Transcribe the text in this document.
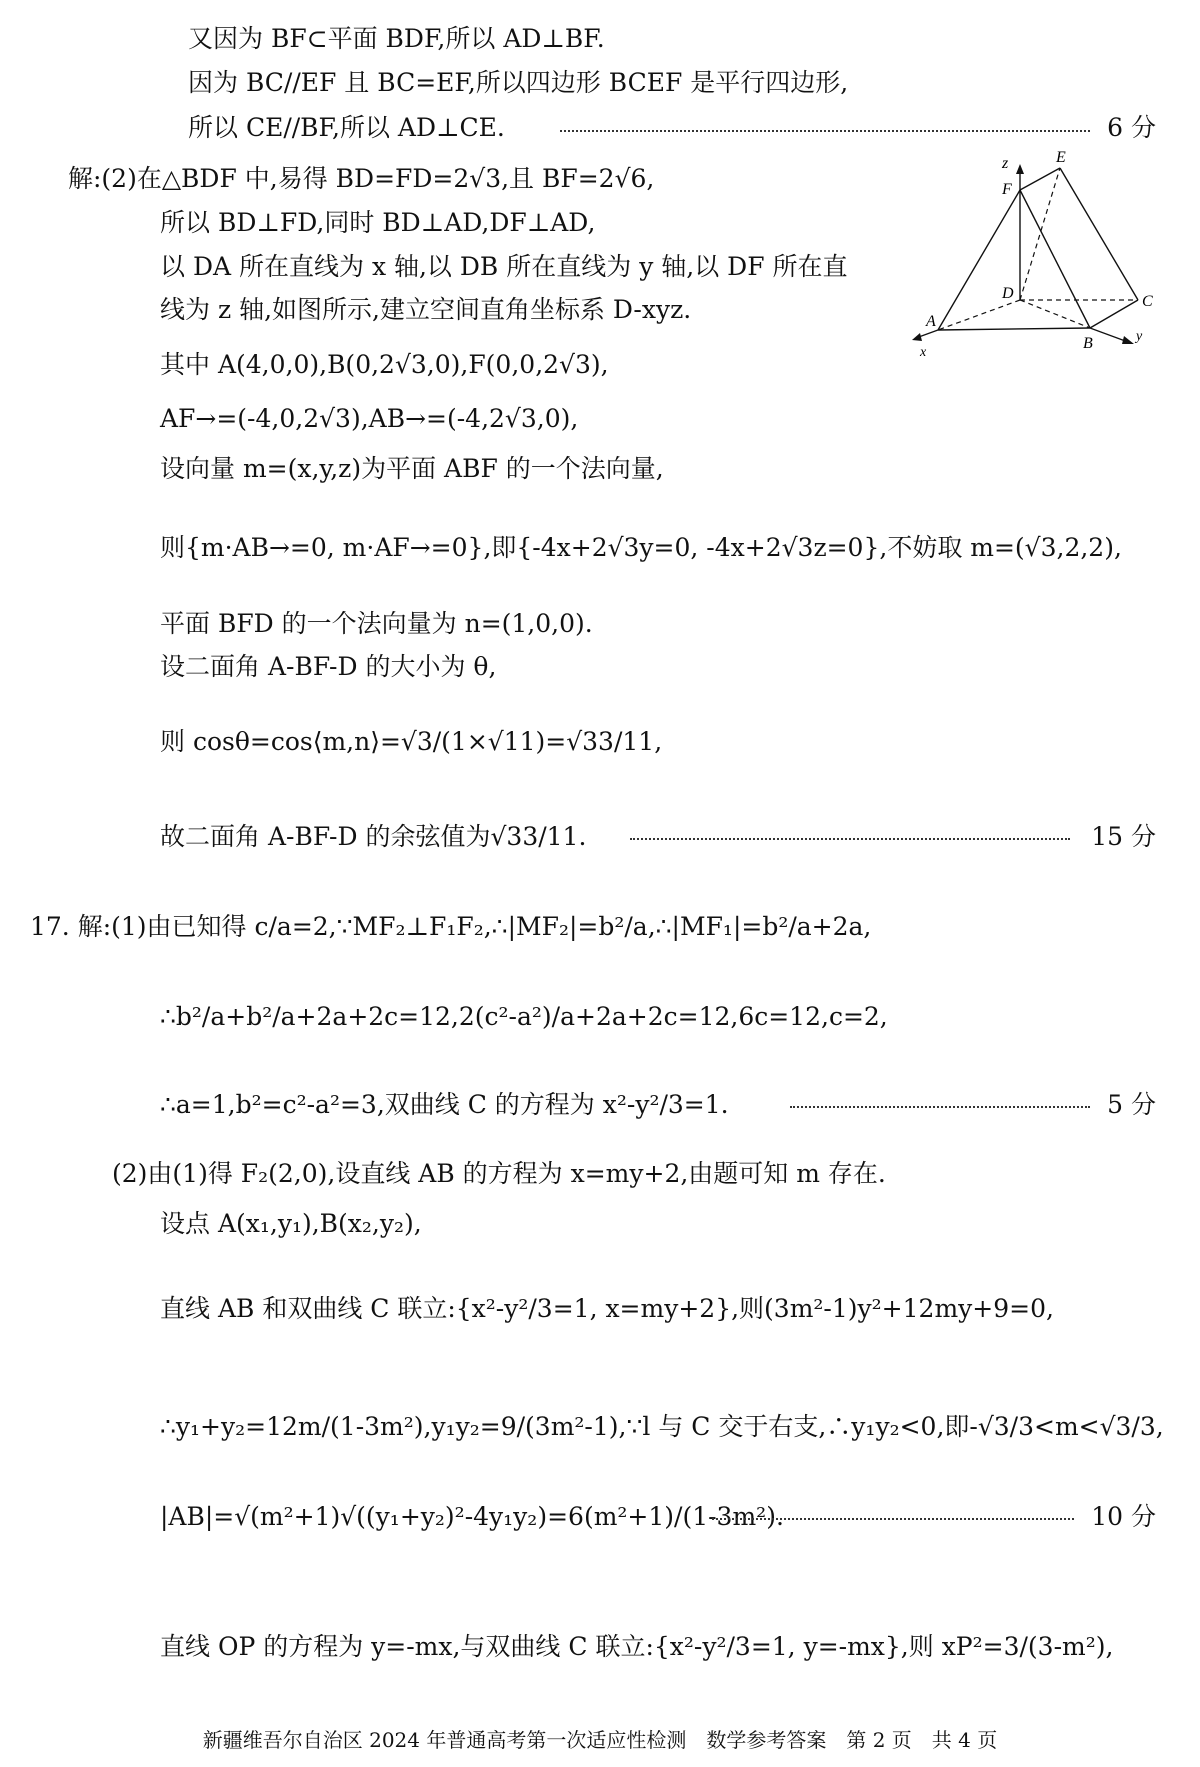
又因为 BF⊂平面 BDF,所以 AD⊥BF.
因为 BC//EF 且 BC=EF,所以四边形 BCEF 是平行四边形,
所以 CE//BF,所以 AD⊥CE.	6 分
解:(2)在△BDF 中,易得 BD=FD=2√3,且 BF=2√6,
所以 BD⊥FD,同时 BD⊥AD,DF⊥AD,
以 DA 所在直线为 x 轴,以 DB 所在直线为 y 轴,以 DF 所在直
线为 z 轴,如图所示,建立空间直角坐标系 D-xyz.
其中 A(4,0,0),B(0,2√3,0),F(0,0,2√3),
AF→=(-4,0,2√3),AB→=(-4,2√3,0),
设向量 m=(x,y,z)为平面 ABF 的一个法向量,
则{m·AB→=0, m·AF→=0},即{-4x+2√3y=0, -4x+2√3z=0},不妨取 m=(√3,2,2),
平面 BFD 的一个法向量为 n=(1,0,0).
设二面角 A-BF-D 的大小为 θ,
则 cosθ=cos⟨m,n⟩=√3/(1×√11)=√33/11,
故二面角 A-BF-D 的余弦值为√33/11.	15 分
17. 解:(1)由已知得 c/a=2,∵MF₂⊥F₁F₂,∴|MF₂|=b²/a,∴|MF₁|=b²/a+2a,
∴b²/a+b²/a+2a+2c=12,2(c²-a²)/a+2a+2c=12,6c=12,c=2,
∴a=1,b²=c²-a²=3,双曲线 C 的方程为 x²-y²/3=1.	5 分
(2)由(1)得 F₂(2,0),设直线 AB 的方程为 x=my+2,由题可知 m 存在.
设点 A(x₁,y₁),B(x₂,y₂),
直线 AB 和双曲线 C 联立:{x²-y²/3=1, x=my+2},则(3m²-1)y²+12my+9=0,
∴y₁+y₂=12m/(1-3m²),y₁y₂=9/(3m²-1),∵l 与 C 交于右支,∴y₁y₂<0,即-√3/3<m<√3/3,
|AB|=√(m²+1)√((y₁+y₂)²-4y₁y₂)=6(m²+1)/(1-3m²).	10 分
直线 OP 的方程为 y=-mx,与双曲线 C 联立:{x²-y²/3=1, y=-mx},则 xP²=3/(3-m²),
z	E
F
D	C
A
B
x
y
新疆维吾尔自治区 2024 年普通高考第一次适应性检测　数学参考答案　第 2 页　共 4 页
